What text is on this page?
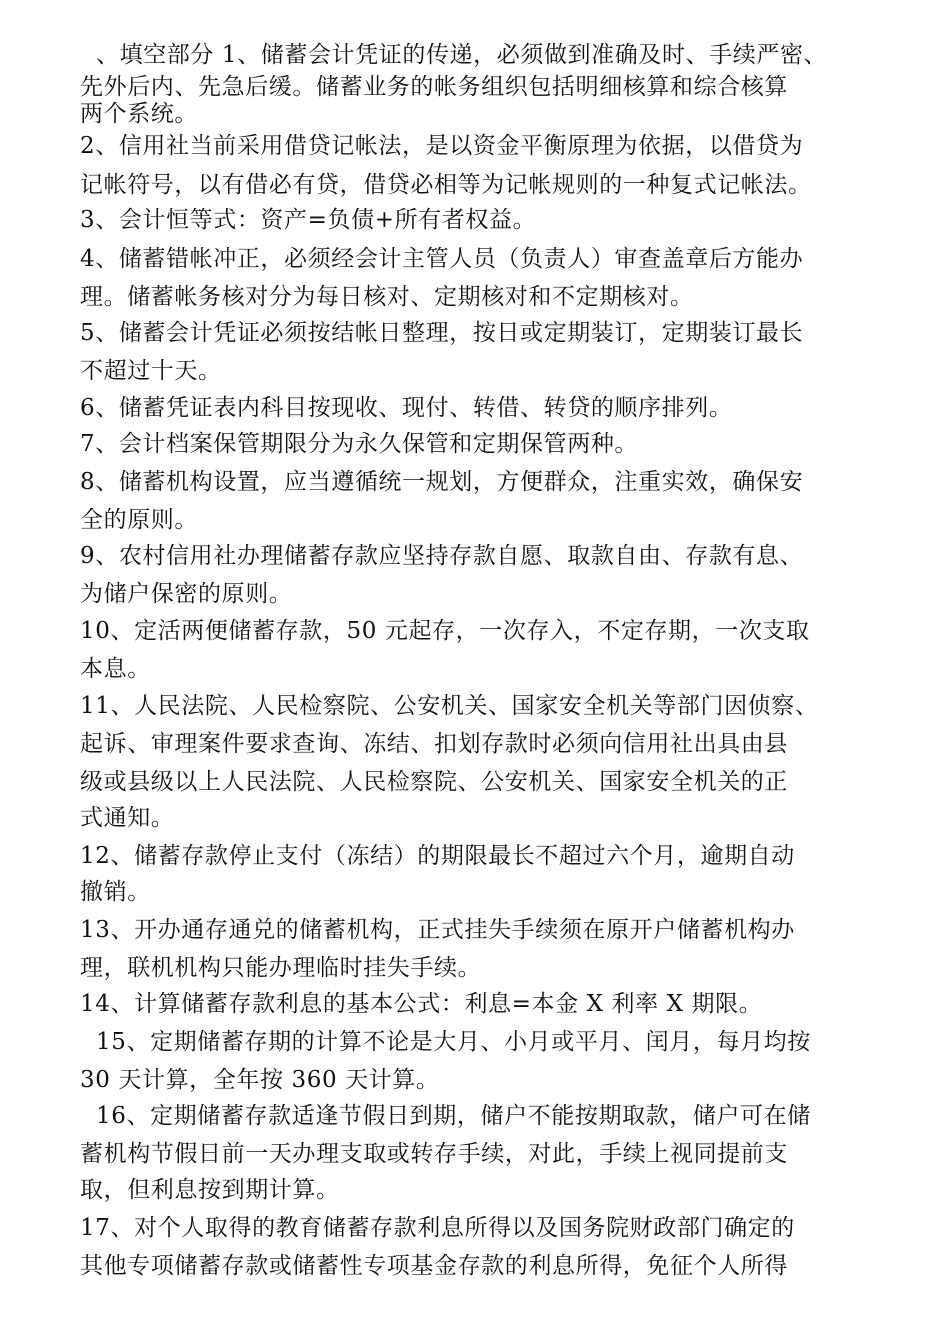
、填空部分 1、储蓄会计凭证的传递，必须做到准确及时、手续严密、
先外后内、先急后缓。储蓄业务的帐务组织包括明细核算和综合核算
两个系统。
2、信用社当前采用借贷记帐法，是以资金平衡原理为依据，以借贷为
记帐符号，以有借必有贷，借贷必相等为记帐规则的一种复式记帐法。
3、会计恒等式：资产=负债+所有者权益。
4、储蓄错帐冲正，必须经会计主管人员（负责人）审查盖章后方能办
理。储蓄帐务核对分为每日核对、定期核对和不定期核对。
5、储蓄会计凭证必须按结帐日整理，按日或定期装订，定期装订最长
不超过十天。
6、储蓄凭证表内科目按现收、现付、转借、转贷的顺序排列。
7、会计档案保管期限分为永久保管和定期保管两种。
8、储蓄机构设置，应当遵循统一规划，方便群众，注重实效，确保安
全的原则。
9、农村信用社办理储蓄存款应坚持存款自愿、取款自由、存款有息、
为储户保密的原则。
10、定活两便储蓄存款，50 元起存，一次存入，不定存期，一次支取
本息。
11、人民法院、人民检察院、公安机关、国家安全机关等部门因侦察、
起诉、审理案件要求查询、冻结、扣划存款时必须向信用社出具由县
级或县级以上人民法院、人民检察院、公安机关、国家安全机关的正
式通知。
12、储蓄存款停止支付（冻结）的期限最长不超过六个月，逾期自动
撤销。
13、开办通存通兑的储蓄机构，正式挂失手续须在原开户储蓄机构办
理，联机机构只能办理临时挂失手续。
14、计算储蓄存款利息的基本公式：利息=本金 X 利率 X 期限。
15、定期储蓄存期的计算不论是大月、小月或平月、闰月，每月均按
30 天计算，全年按 360 天计算。
16、定期储蓄存款适逢节假日到期，储户不能按期取款，储户可在储
蓄机构节假日前一天办理支取或转存手续，对此，手续上视同提前支
取，但利息按到期计算。
17、对个人取得的教育储蓄存款利息所得以及国务院财政部门确定的
其他专项储蓄存款或储蓄性专项基金存款的利息所得，免征个人所得
